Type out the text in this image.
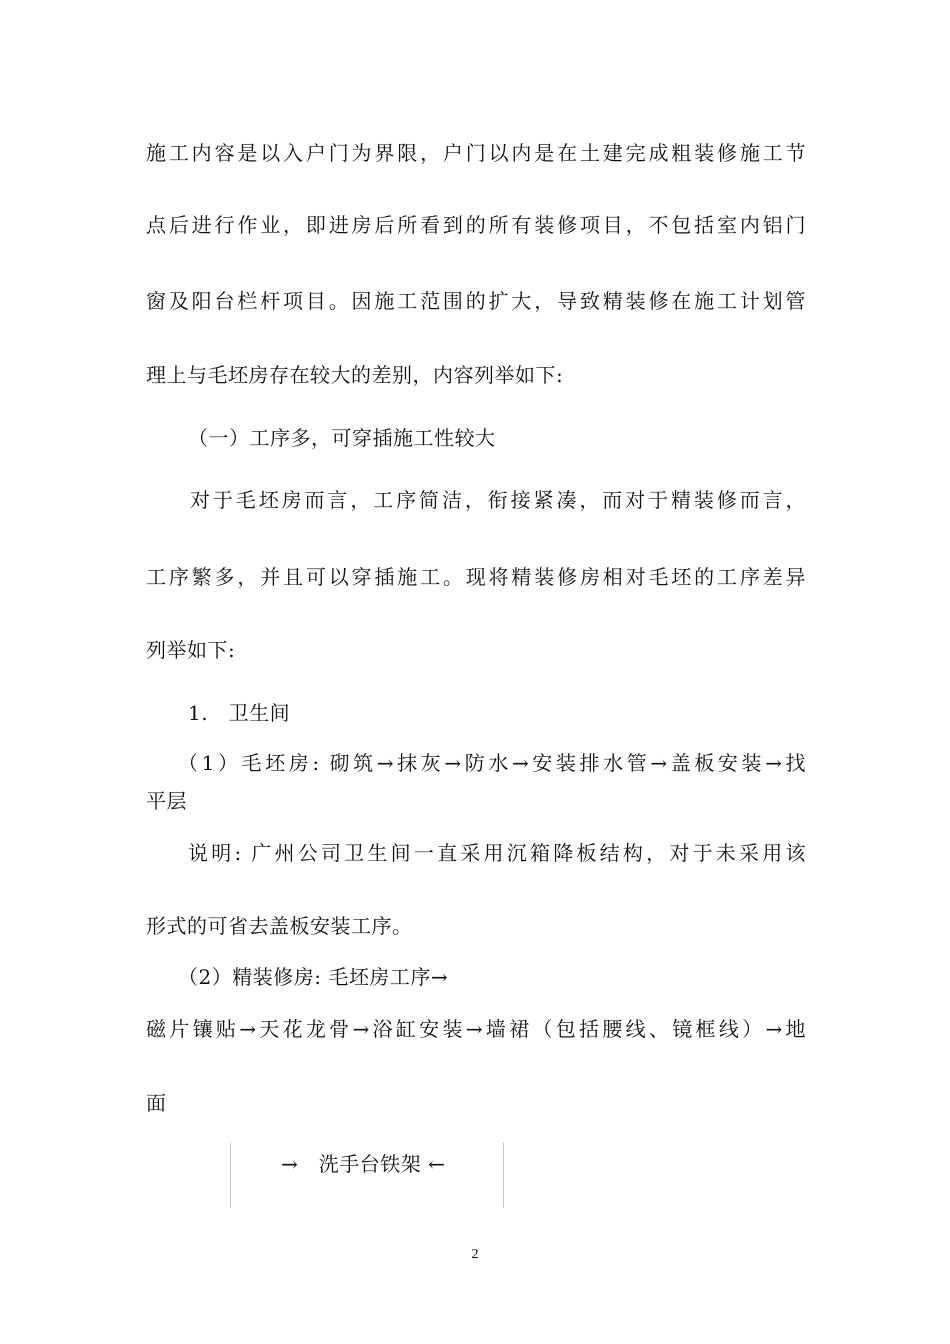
施工内容是以入户门为界限，户门以内是在土建完成粗装修施工节
点后进行作业，即进房后所看到的所有装修项目，不包括室内铝门
窗及阳台栏杆项目。因施工范围的扩大，导致精装修在施工计划管
理上与毛坯房存在较大的差别，内容列举如下:
（一）工序多，可穿插施工性较大
对于毛坯房而言，工序简洁，衔接紧凑，而对于精装修而言，
工序繁多，并且可以穿插施工。现将精装修房相对毛坯的工序差异
列举如下:
1.　卫生间
（1）毛坯房: 砌筑→抹灰→防水→安装排水管→盖板安装→找
平层
说明: 广州公司卫生间一直采用沉箱降板结构，对于未采用该
形式的可省去盖板安装工序。
（2）精装修房: 毛坯房工序→
磁片镶贴→天花龙骨→浴缸安装→墙裙（包括腰线、镜框线）→地
面
→　洗手台铁架 ←
2
